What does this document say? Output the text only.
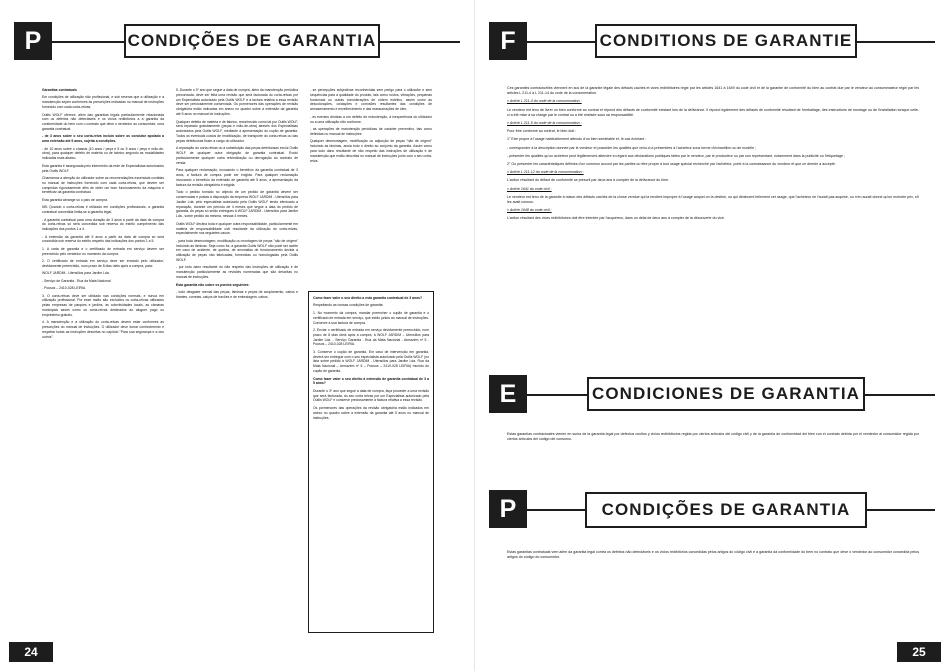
P	CONDIÇÕES DE GARANTIA

Garantias contratuais

Em condições de utilização não profissional, e sob reserva que a utilização e a manutenção sejam conformes às prescrições indicadas no manual de instruções fornecido com cada corta-relvas,

Outils WOLF oferece, além das garantias legais particularmente relacionada com os defeitos não detectáveis e os vícios redibitórios a a garantia da conformidade do bem com o contrato que deve o vendedor ao consumidor, uma garantia contratual:

- de 3 anos sobre o seu corta-relva incluin sobre os condutor apoiado a uma extensão até 5 anos, sujeita a condições.

- de 10 anos sobre o chassis (10 anos / peça e 5 ou 5 anos / peça e mão-de-obra), para qualquer defeito de matéria ou de fabrico segundo as modalidades indicadas mais abaixo.

Esta garantia é assegurada pelo intermédio da rede de Especialistas autorizados pela Outils WOLF.

Chamamos a atenção do utilizador sobre as recomendações essenciais contidas no manual de instruções fornecido com cada corta-relvas, que devem ser cumpridas rigorosamente afim de obter um bom funcionamento da máquina e beneficiar da garantia contratual.

Esta garantia abrange só o país de compra.

NB: Quando o corta-relvas é utilizado em condições profissionais, a garantia contratual concedida limita-se à garantia legal.

- A garantia contratual para uma duração de 3 anos a partir da data de compra do corta-relvas só será concedida sob reserva do estrito cumprimento das indicações dos pontos 1 a 4.

- A extensão da garantia até 5 anos a partir da data de compra só será concedida sob reserva do estrito respeito das indicações dos pontos 1 a 5.

1. A carta de garantia e o certificado de entrada em serviço devem ser preenchido pelo vendedor no momento da compra.

2. O certificado de entrada em serviço deve ser enviado pelo utilizador, devidamente preenchido, num prazo de 8 dias úteis após a compra, para:

WOLF JARDIM - Utensílios para Jardim Lda.

- Serviço de Garantia - Rua da Mata Nacional

- Pousos – 2410-028 LEIRIA.

3. O corta-relvas deve ser utilizado nas condições normais, e nunca em utilização profissional. Por esse razão são excluídos os corta-relvas utilizados pelas empresas de parques e jardins, as colectividades locais, as câmaras municipais assim como os corta-relvas destinados ao aluguer pago ou empréstimo gratuito.

4. A manutenção e a utilização do corta-relvas devem estar conformes as prescrições do manual de instruções. O utilizador deve tomar conhecimento e respeitar todas as instruções descritas no capítulo "Para sua segurança e a dos outros".

5. Durante o 3º ano que segue a data de compra, além da manutenção periódica precorizada, deve ser feita uma revisão que será facturada do corta-relvas por um Especialista autorizado pela Outils WOLF e a factura relativa a essa revisão deve ser preciosamente conservada. Os pormenores das operações de revisão obrigatória estão indicadas em anexo no quadro sobre a extensão da garantia até 5 anos no manual de instruções.

Qualquer defeito de matéria e de fabrico, reconhecido como tal por Outils WOLF, será reparado gratuitamente (peças e mão-de-obra) através dos Especialistas autorizados pela Outils WOLF, mediante a apresentação do cupão de garantia. Todos os eventuais custos de imobilização, de transporte do corta-relvas ou das peças defeituosas ficam a cargo do utilizador.

A reparação do corta-relvas ou a substituição das peças defeituosas exclui Outils WOLF de qualquer outra obrigação de garantia contratual. Exclui particularmente qualquer outra reivindicação ou derrogação ao contrato de venda.

Para qualquer reclamação, invocando o benefício da garantia contratual de 3 anos, a factura de compra pode ser exigida. Para qualquer reclamação invocando o benefício da extensão de garantia até 5 anos, a apresentação da factura da revisão obrigatória é exigida.

Todo o pedido tomado no objecto de um pedido de garantia devem ser conservadas e postas à disposição da empresa WOLF JARDIM - Utensílios para Jardim Lda. pelo especialista autorizado pela Outils WOLF tendo efectuado a reparação, durante um período de 4 meses que segue a data do pedido de garantia. As peças só serão entregues à WOLF JARDIM - Utensílios para Jardim Lda., sobre pedido da mesma, nessas 4 meses.

Outils WOLF declina toda e qualquer outra responsabilidade, particularmente em matéria de responsabilidade civil resultante da utilização do corta-relvas, especialmente nos seguintes casos:

- para toda desmontagem, modificação ou montagem de peças "não de origem" incluindo as lâminas. Seja como for, a garantia Outils WOLF não pode ser aceite em caso de acidente, de quebra, de anomalias de funcionamento devida à utilização de peças não fabricadas, fornecidas ou homologadas pela Outils WOLF.

- por todo dano resultante do não respeito das instruções de utilização e de manutenção particularmente as revisões numeradas que são descritas no manual de instruções.

Esta garantia não cobre os pontos seguintes:

- todo desgaste normal das peças, lâminas e peças de acoplamento, cabos e tirantes, correias, calços de travões e de embraiagem, cabos.

- se percepções subjectivas reconhecidas sem perigo para o utilizador e sem sequências para a qualidade do produto, tais como ruídos, vibrações, pequenas funcionais ou outras considerações de ordem estético, assim como as descolorações, oxidações e corrosões resultantes das condições de armazenamento e envelhecimento e das reassumações de óleo,

- es eventos devidas a um defeito de manutenção, à inexperiência do utilizador ou a uma utilização não conforme,

- as operações de manutenção periódicas de carácter preventivo, tais como definidas no manual de instruções.

Qualquer desmontagem, modificação ou adjunção de peças "não de origem" incluindo as lâminas, anula todo o direito ao conjunto da garantia. Assim como para todo dano resultante de não respeito das instruções de utilização e de manutenção que estão descritas no manual de instruções junto com o seu corta-relva.

Como fazer valer o seu direito a esta garantia contratual de 3 anos?

Respeitando as nossas condições de garantia:

1. No momento da compra, mandar preencher o cupão de garantia e o certificado de entrada em serviço, que estão juntos ao manual de instruções. Conserve a sua factura de compra.

2. Enviar o certificado de entrada em serviço devidamente preenchido, num prazo de 8 dias úteis após a compra, à WOLF JARDIM – Utensílios para Jardim Lda. - Serviço Garantia - Rua da Mata Nacional - Armazém nº 5 - Pousos – 2410-028 LEIRIA.

3. Conserve o cupão de garantia. Em caso de intervenção em garantia, deverá ser entregue com o seu especialista autorizado pela Outils WOLF (no lista sobre pedido à WOLF JARDIM - Utensílios para Jardim Lda. Rua da Mata Nacional – Armazém nº 5 – Pousos – 2410-028 LEIRIA) munido do cupão de garantia.

Como fazer valer o seu direito à extensão de garantia contratual de 3 a 5 anos?

Durante o 3º ano que segue a data de compra, faça proceder a uma revisão que será facturada, do seu corta relvas por um Especialista autorizado pela Outils WOLF e conserve preciosamente a factura relativa a essa revisão.

Os pormenores das operações da revisão obrigatória estão indicados em anexo no quadro sobre a extensão da garantia até 5 anos no manual de instruções.

24
F	CONDITIONS DE GARANTIE

Ces garanties contractuelles viennent en sus de la garantie légale des défauts cachés et vices rédhibitoires régie par les articles 1641 à 1649 du code civil et de la garantie de conformité du bien au contrat due par le vendeur au consommateur régie par les articles L 211-4 à L 211-14 du code de la consommation.

» Article L 211-4 du code de la consommation :

Le vendeur est tenu de livrer un bien conforme au contrat et répond des défauts de conformité existant lors de la délivrance. Il répond également des défauts de conformité résultant de l'emballage, des instructions de montage ou de l'installation lorsque celle-ci a été mise à sa charge par le contrat ou a été réalisée sous sa responsabilité.

» Article L 211-5 du code de la consommation :

Pour être conforme au contrat, le bien doit :

1° Etre propre à l'usage habituellement attendu d'un bien semblable et, le cas échéant :

- correspondre à la description donnée par le vendeur et posséder les qualités que celui-ci a présentées à l'acheteur sous forme d'échantillon ou de modèle ;

- présenter les qualités qu'un acheteur peut légitimement attendre eu égard aux déclarations publiques faites par le vendeur, par le producteur ou par son représentant, notamment dans la publicité ou l'étiquetage ;

2° Ou présenter les caractéristiques définies d'un commun accord par les parties ou être propre à tout usage spécial recherché par l'acheteur, porté à la connaissance du vendeur et que ce dernier a accepté.

» Article L 211-12 du code de la consommation :

L'action résultant du défaut de conformité se prescrit par deux ans à compter de la délivrance du bien.

» Article 1641 du code civil :

Le vendeur est tenu de la garantie à raison des défauts cachés de la chose vendue qui la rendent impropre à l'usage auquel on la destine, ou qui diminuent tellement cet usage, que l'acheteur ne l'aurait pas acquise, ou n'en aurait donné qu'un moindre prix, s'il les avait connus.

» Article 1648 du code civil :

L'action résultant des vices rédhibitoires doit être intentée par l'acquéreur, dans un délai de deux ans à compter de la découverte du vice.

E	CONDICIONES DE GARANTIA

Estas garantías contractuales vienen en suma de la garantía legal por defectos ocultos y vicios redhibitorios regida por ciertos artículos del código civil y de la garantía de conformidad del bien con el contrato debida por el vendedor al consumidor regida por ciertos artículos del código del consumo.

P	CONDIÇÕES DE GARANTIA

Estas garantias contratuais vem além da garantia legal contra os defeitos não detectáveis e os vícios redibitórios concedidas pelos artigos do código civil e a garantia da conformidade do bem no contrato que deve o vendedor ao consumidor concedida pelos artigos do código do consumidor.

25
